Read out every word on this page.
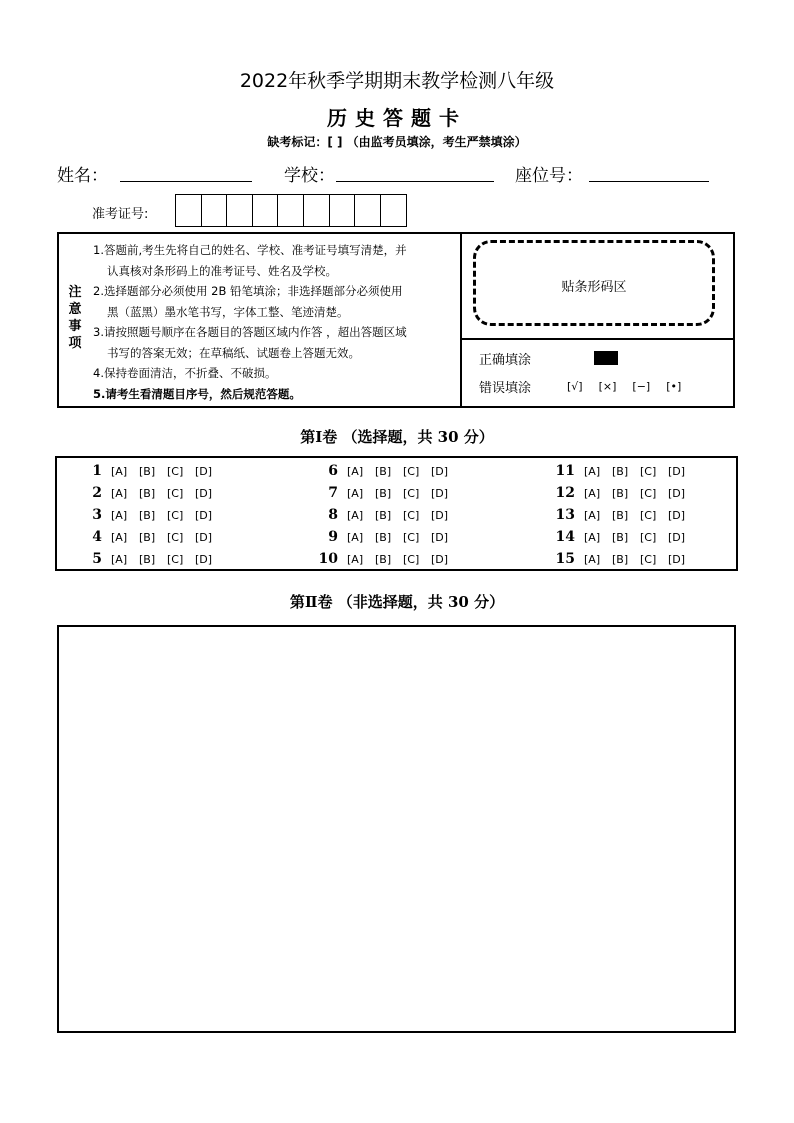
2022年秋季学期期末教学检测八年级
历史答题卡
缺考标记：[ ] （由监考员填涂，考生严禁填涂）
姓名：	学校：	座位号：
准考证号:
注
意
事
项
1.答题前,考生先将自己的姓名、学校、准考证号填写清楚，并
认真核对条形码上的准考证号、姓名及学校。
2.选择题部分必须使用 2B 铅笔填涂；非选择题部分必须使用
黑（蓝黑）墨水笔书写，字体工整、笔迹清楚。
3.请按照题号顺序在各题目的答题区域内作答 ，超出答题区域
书写的答案无效；在草稿纸、试题卷上答题无效。
4.保持卷面清洁，不折叠、不破损。
5.请考生看清题目序号，然后规范答题。
贴条形码区
正确填涂
错误填涂	[√] [×] [−] [•]
第Ⅰ卷 （选择题，共 30 分）
1 [A]	[B]	[C]	[D]
2 [A]	[B]	[C]	[D]
3 [A]	[B]	[C]	[D]
4 [A]	[B]	[C]	[D]
5 [A]	[B]	[C]	[D]
6 [A]	[B]	[C]	[D]
7 [A]	[B]	[C]	[D]
8 [A]	[B]	[C]	[D]
9 [A]	[B]	[C]	[D]
10 [A]	[B]	[C]	[D]
11 [A]	[B]	[C]	[D]
12 [A]	[B]	[C]	[D]
13 [A]	[B]	[C]	[D]
14 [A]	[B]	[C]	[D]
15 [A]	[B]	[C]	[D]
第Ⅱ卷 （非选择题，共 30 分）
